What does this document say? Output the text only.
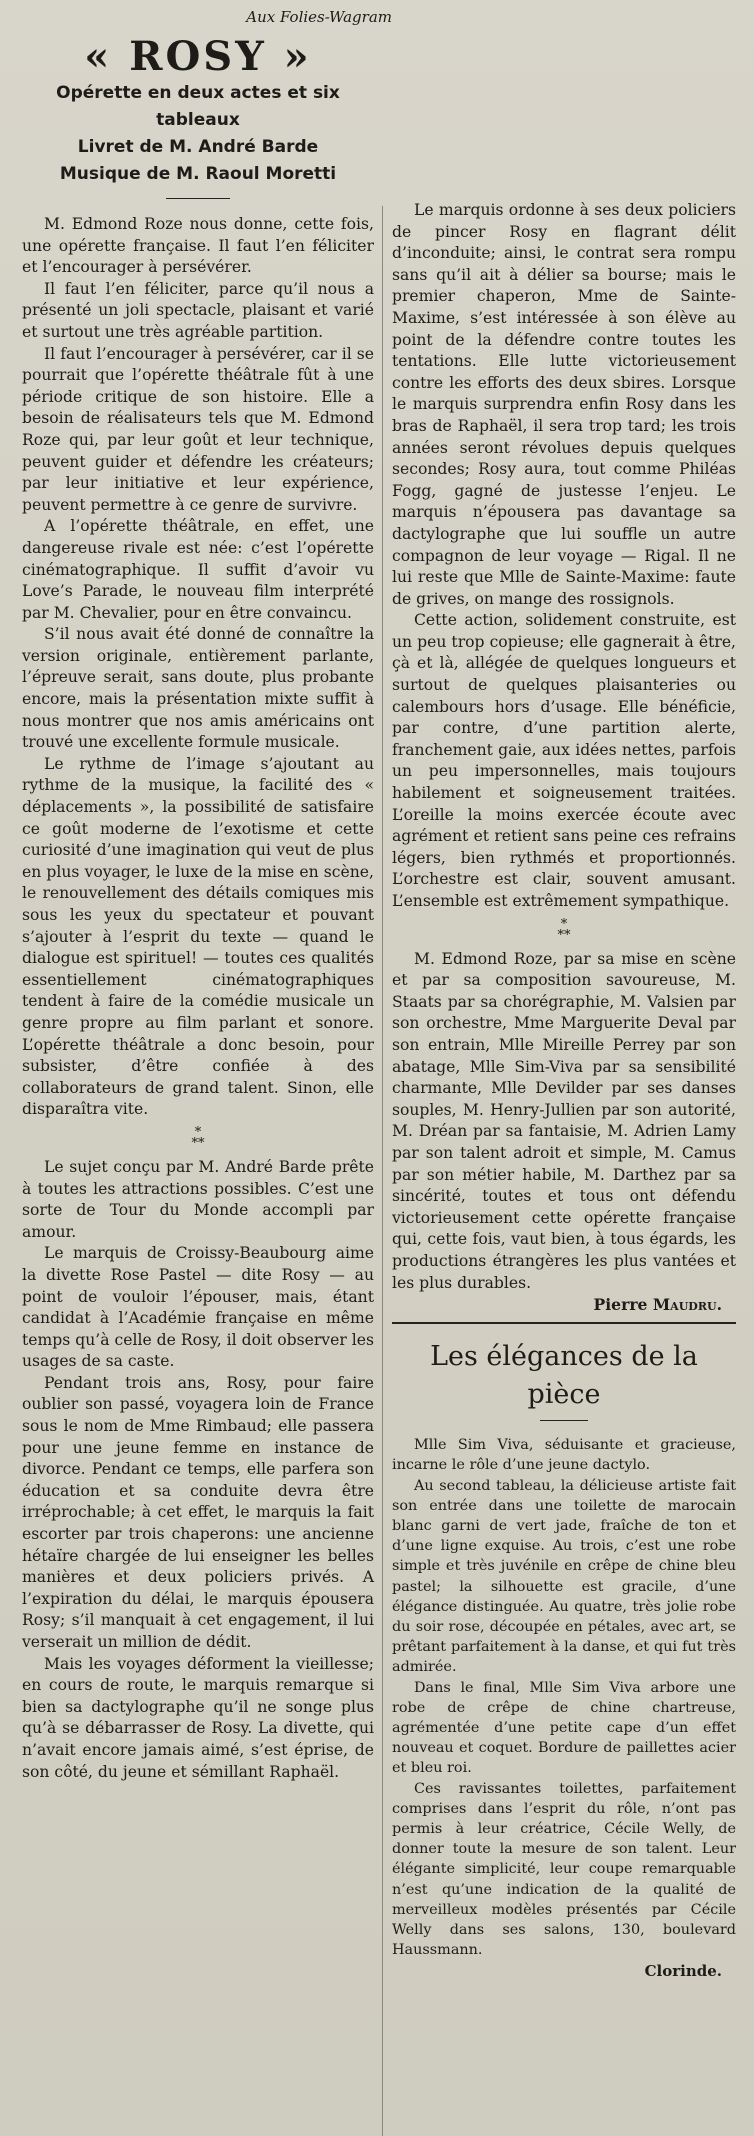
Aux Folies-Wagram
« ROSY »
Opérette en deux actes et six tableaux
Livret de M. André Barde
Musique de M. Raoul Moretti

M. Edmond Roze nous donne, cette fois, une opérette française. Il faut l’en féliciter et l’encourager à persévérer.

Il faut l’en féliciter, parce qu’il nous a présenté un joli spectacle, plaisant et varié et surtout une très agréable partition.

Il faut l’encourager à persévérer, car il se pourrait que l’opérette théâtrale fût à une période critique de son histoire. Elle a besoin de réalisateurs tels que M. Edmond Roze qui, par leur goût et leur technique, peuvent guider et défendre les créateurs; par leur initiative et leur expérience, peuvent permettre à ce genre de survivre.

A l’opérette théâtrale, en effet, une dangereuse rivale est née: c’est l’opérette cinématographique. Il suffit d’avoir vu Love’s Parade, le nouveau film interprété par M. Chevalier, pour en être convaincu.

S’il nous avait été donné de connaître la version originale, entièrement parlante, l’épreuve serait, sans doute, plus probante encore, mais la présentation mixte suffit à nous montrer que nos amis américains ont trouvé une excellente formule musicale.

Le rythme de l’image s’ajoutant au rythme de la musique, la facilité des « déplacements », la possibilité de satisfaire ce goût moderne de l’exotisme et cette curiosité d’une imagination qui veut de plus en plus voyager, le luxe de la mise en scène, le renouvellement des détails comiques mis sous les yeux du spectateur et pouvant s’ajouter à l’esprit du texte — quand le dialogue est spirituel! — toutes ces qualités essentiellement cinématographiques tendent à faire de la comédie musicale un genre propre au film parlant et sonore. L’opérette théâtrale a donc besoin, pour subsister, d’être confiée à des collaborateurs de grand talent. Sinon, elle disparaîtra vite.

*
**

Le sujet conçu par M. André Barde prête à toutes les attractions possibles. C’est une sorte de Tour du Monde accompli par amour.

Le marquis de Croissy-Beaubourg aime la divette Rose Pastel — dite Rosy — au point de vouloir l’épouser, mais, étant candidat à l’Académie française en même temps qu’à celle de Rosy, il doit observer les usages de sa caste.

Pendant trois ans, Rosy, pour faire oublier son passé, voyagera loin de France sous le nom de Mme Rimbaud; elle passera pour une jeune femme en instance de divorce. Pendant ce temps, elle parfera son éducation et sa conduite devra être irréprochable; à cet effet, le marquis la fait escorter par trois chaperons: une ancienne hétaïre chargée de lui enseigner les belles manières et deux policiers privés. A l’expiration du délai, le marquis épousera Rosy; s’il manquait à cet engagement, il lui verserait un million de dédit.

Mais les voyages déforment la vieillesse; en cours de route, le marquis remarque si bien sa dactylographe qu’il ne songe plus qu’à se débarrasser de Rosy. La divette, qui n’avait encore jamais aimé, s’est éprise, de son côté, du jeune et sémillant Raphaël.

Le marquis ordonne à ses deux policiers de pincer Rosy en flagrant délit d’inconduite; ainsi, le contrat sera rompu sans qu’il ait à délier sa bourse; mais le premier chaperon, Mme de Sainte-Maxime, s’est intéressée à son élève au point de la défendre contre toutes les tentations. Elle lutte victorieusement contre les efforts des deux sbires. Lorsque le marquis surprendra enfin Rosy dans les bras de Raphaël, il sera trop tard; les trois années seront révolues depuis quelques secondes; Rosy aura, tout comme Philéas Fogg, gagné de justesse l’enjeu. Le marquis n’épousera pas davantage sa dactylographe que lui souffle un autre compagnon de leur voyage — Rigal. Il ne lui reste que Mlle de Sainte-Maxime: faute de grives, on mange des rossignols.

Cette action, solidement construite, est un peu trop copieuse; elle gagnerait à être, çà et là, allégée de quelques longueurs et surtout de quelques plaisanteries ou calembours hors d’usage. Elle bénéficie, par contre, d’une partition alerte, franchement gaie, aux idées nettes, parfois un peu impersonnelles, mais toujours habilement et soigneusement traitées. L’oreille la moins exercée écoute avec agrément et retient sans peine ces refrains légers, bien rythmés et proportionnés. L’orchestre est clair, souvent amusant. L’ensemble est extrêmement sympathique.

*
**

M. Edmond Roze, par sa mise en scène et par sa composition savoureuse, M. Staats par sa chorégraphie, M. Valsien par son orchestre, Mme Marguerite Deval par son entrain, Mlle Mireille Perrey par son abatage, Mlle Sim-Viva par sa sensibilité charmante, Mlle Devilder par ses danses souples, M. Henry-Jullien par son autorité, M. Dréan par sa fantaisie, M. Adrien Lamy par son talent adroit et simple, M. Camus par son métier habile, M. Darthez par sa sincérité, toutes et tous ont défendu victorieusement cette opérette française qui, cette fois, vaut bien, à tous égards, les productions étrangères les plus vantées et les plus durables.

Pierre Maudru.
Les élégances de la pièce

Mlle Sim Viva, séduisante et gracieuse, incarne le rôle d’une jeune dactylo.

Au second tableau, la délicieuse artiste fait son entrée dans une toilette de marocain blanc garni de vert jade, fraîche de ton et d’une ligne exquise. Au trois, c’est une robe simple et très juvénile en crêpe de chine bleu pastel; la silhouette est gracile, d’une élégance distinguée. Au quatre, très jolie robe du soir rose, découpée en pétales, avec art, se prêtant parfaitement à la danse, et qui fut très admirée.

Dans le final, Mlle Sim Viva arbore une robe de crêpe de chine chartreuse, agrémentée d’une petite cape d’un effet nouveau et coquet. Bordure de paillettes acier et bleu roi.

Ces ravissantes toilettes, parfaitement comprises dans l’esprit du rôle, n’ont pas permis à leur créatrice, Cécile Welly, de donner toute la mesure de son talent. Leur élégante simplicité, leur coupe remarquable n’est qu’une indication de la qualité de merveilleux modèles présentés par Cécile Welly dans ses salons, 130, boulevard Haussmann.

Clorinde.
